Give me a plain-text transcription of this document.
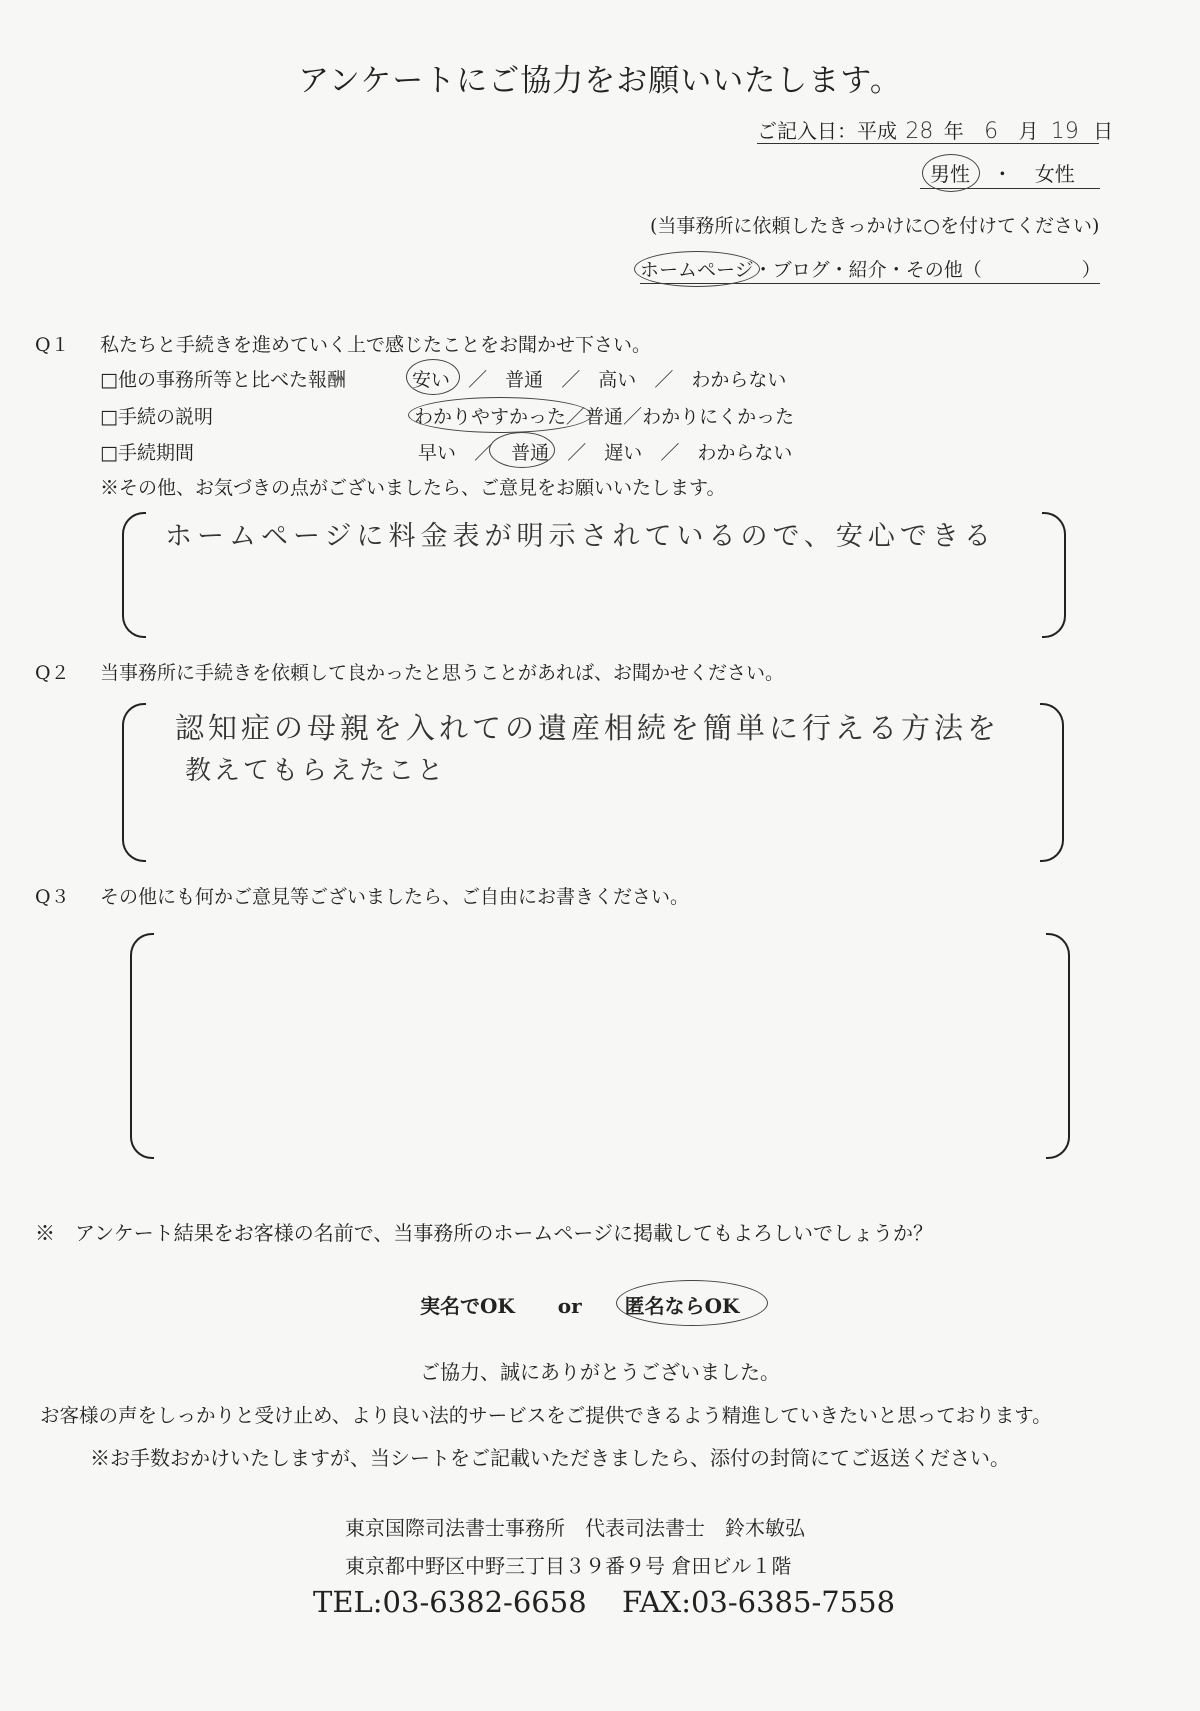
アンケートにご協力をお願いいたします。
ご記入日：平成 28 年 6 月 19 日
男性 ・ 女性
(当事務所に依頼したきっかけに○を付けてください)
ホームページ・ブログ・紹介・その他（	）
Q１ 私たちと手続きを進めていく上で感じたことをお聞かせ下さい。
□他の事務所等と比べた報酬	安い ／ 普通 ／ 高い ／ わからない
□手続の説明	わかりやすかった／普通／わかりにくかった
□手続期間	早い ／ 普通 ／ 遅い ／ わからない
※その他、お気づきの点がございましたら、ご意見をお願いいたします。
ホームページに料金表が明示されているので、安心できる
Q２ 当事務所に手続きを依頼して良かったと思うことがあれば、お聞かせください。
認知症の母親を入れての遺産相続を簡単に行える方法を
教えてもらえたこと
Q３ その他にも何かご意見等ございましたら、ご自由にお書きください。
※　アンケート結果をお客様の名前で、当事務所のホームページに掲載してもよろしいでしょうか？
実名でOK or 匿名ならOK
ご協力、誠にありがとうございました。
お客様の声をしっかりと受け止め、より良い法的サービスをご提供できるよう精進していきたいと思っております。
※お手数おかけいたしますが、当シートをご記載いただきましたら、添付の封筒にてご返送ください。
東京国際司法書士事務所　代表司法書士　鈴木敏弘
東京都中野区中野三丁目３９番９号 倉田ビル１階
TEL:03-6382-6658 FAX:03-6385-7558
